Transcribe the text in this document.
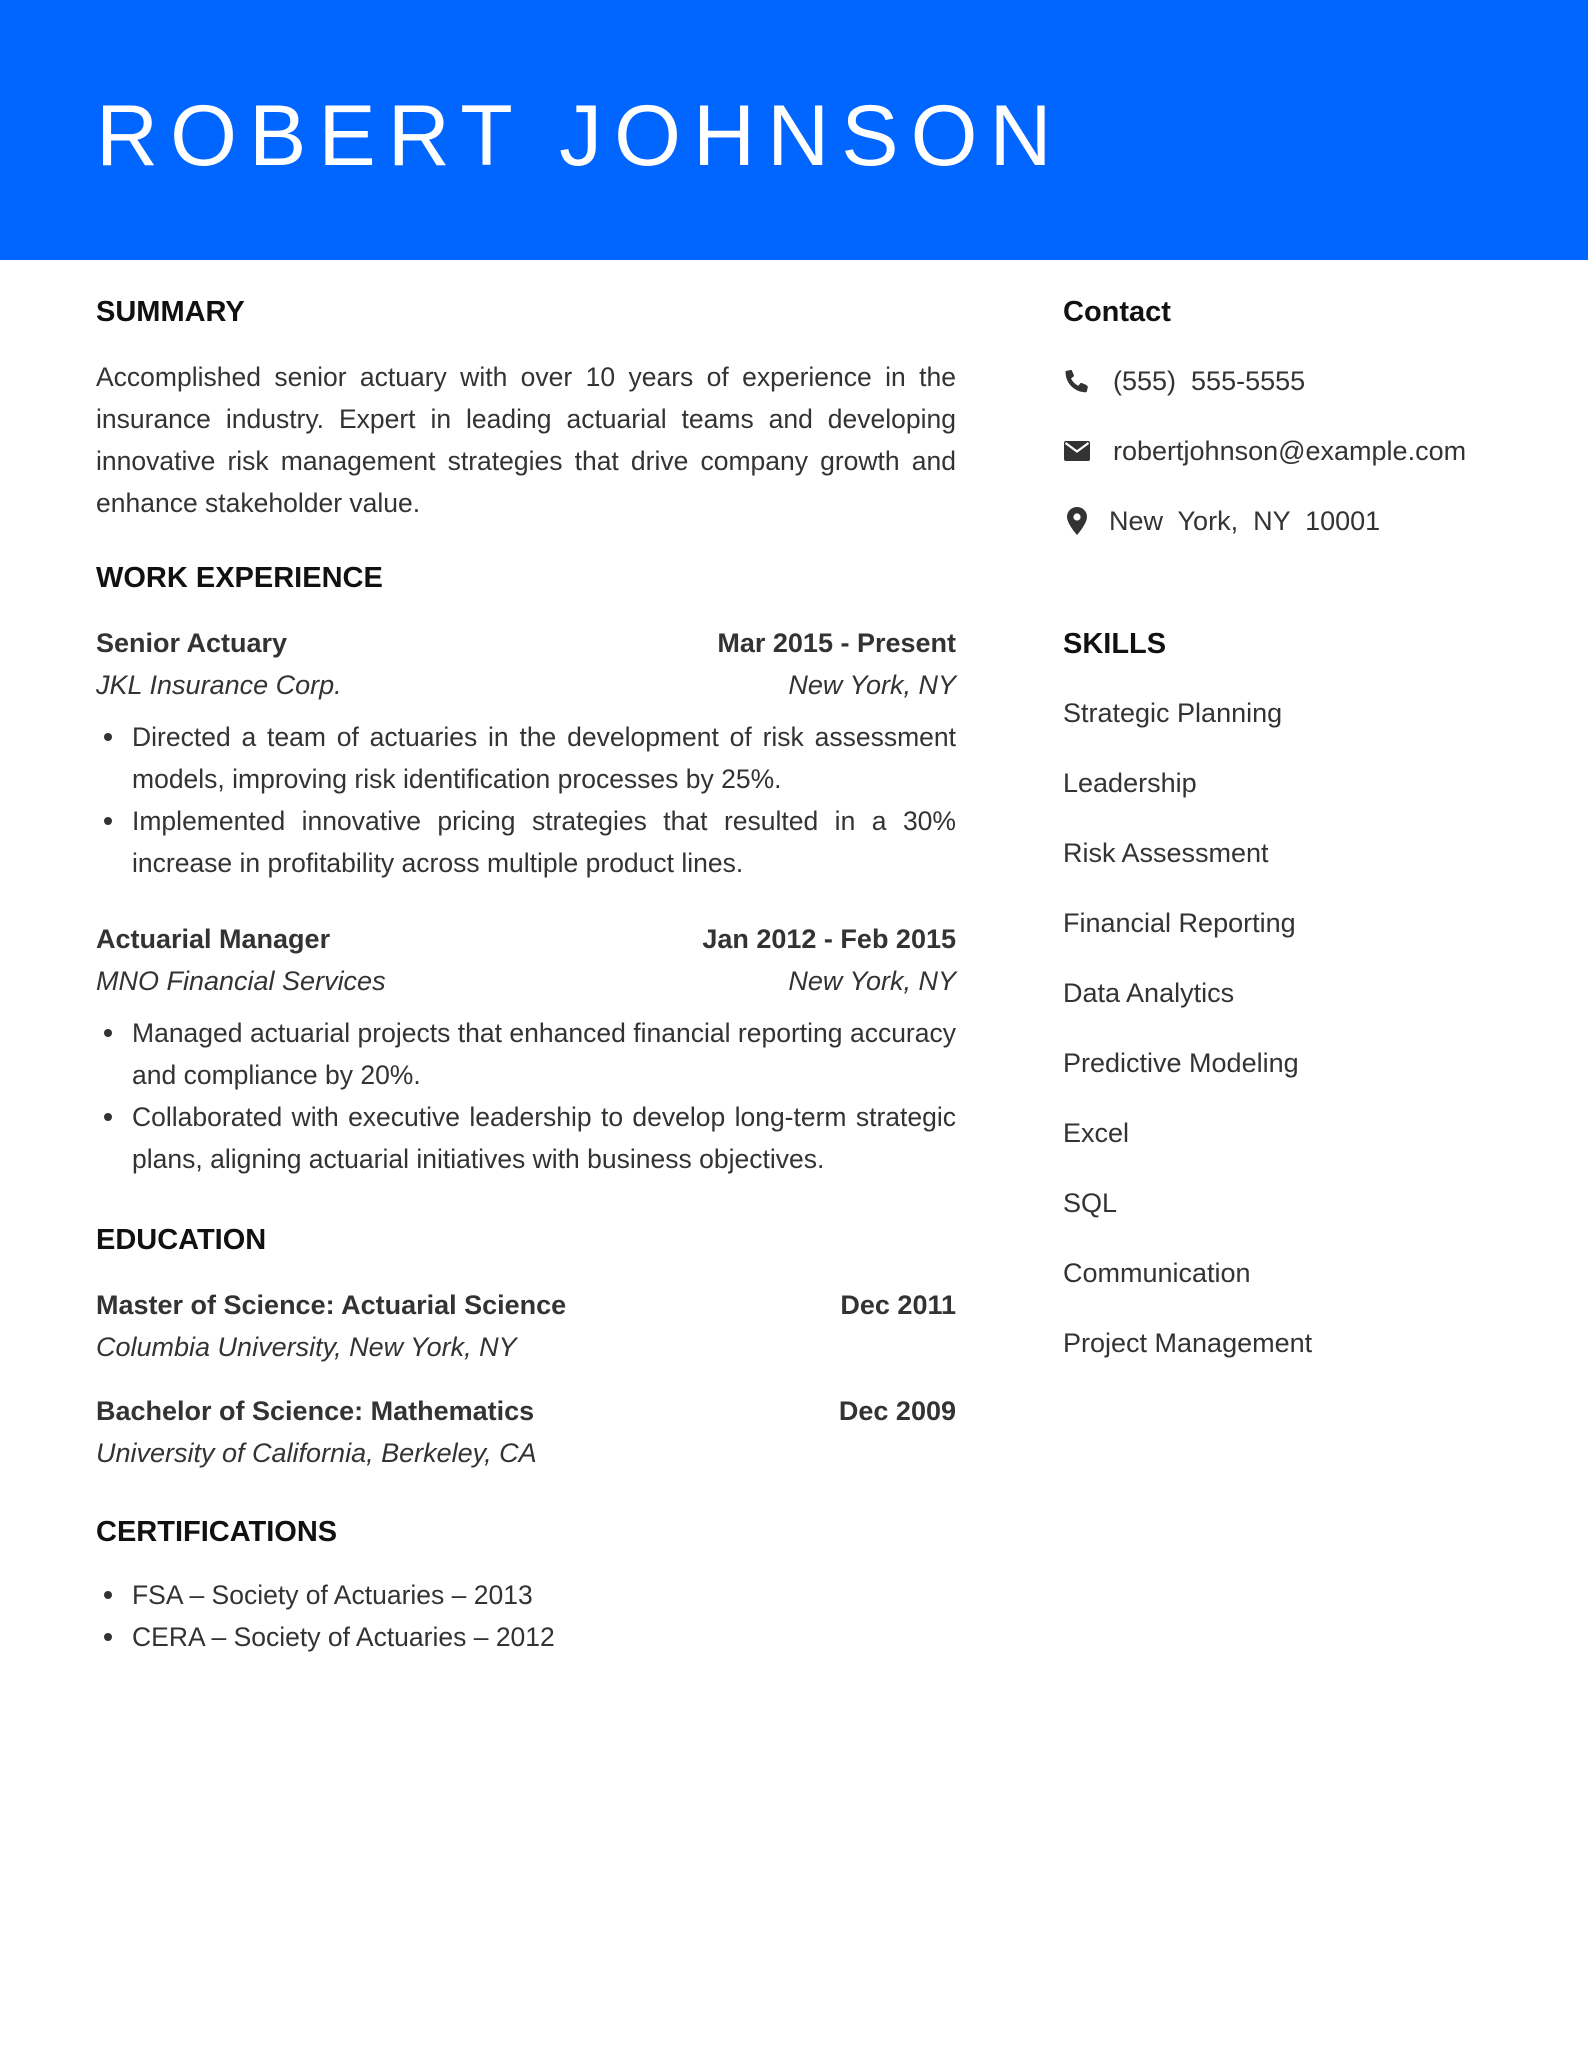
ROBERT JOHNSON
SUMMARY

Accomplished senior actuary with over 10 years of experience in the insurance industry. Expert in leading actuarial teams and developing innovative risk management strategies that drive company growth and enhance stakeholder value.

WORK EXPERIENCE
Senior Actuary	Mar 2015 - Present
JKL Insurance Corp.	New York, NY
Directed a team of actuaries in the development of risk assessment models, improving risk identification processes by 25%.
Implemented innovative pricing strategies that resulted in a 30% increase in profitability across multiple product lines.
Actuarial Manager	Jan 2012 - Feb 2015
MNO Financial Services	New York, NY
Managed actuarial projects that enhanced financial reporting accuracy and compliance by 20%.
Collaborated with executive leadership to develop long-term strategic plans, aligning actuarial initiatives with business objectives.
EDUCATION
Master of Science: Actuarial Science	Dec 2011
Columbia University, New York, NY
Bachelor of Science: Mathematics	Dec 2009
University of California, Berkeley, CA
CERTIFICATIONS
FSA – Society of Actuaries – 2013
CERA – Society of Actuaries – 2012
Contact
(555)  555-5555
robertjohnson@example.com
New  York,  NY  10001
SKILLS
Strategic Planning
Leadership
Risk Assessment
Financial Reporting
Data Analytics
Predictive Modeling
Excel
SQL
Communication
Project Management
